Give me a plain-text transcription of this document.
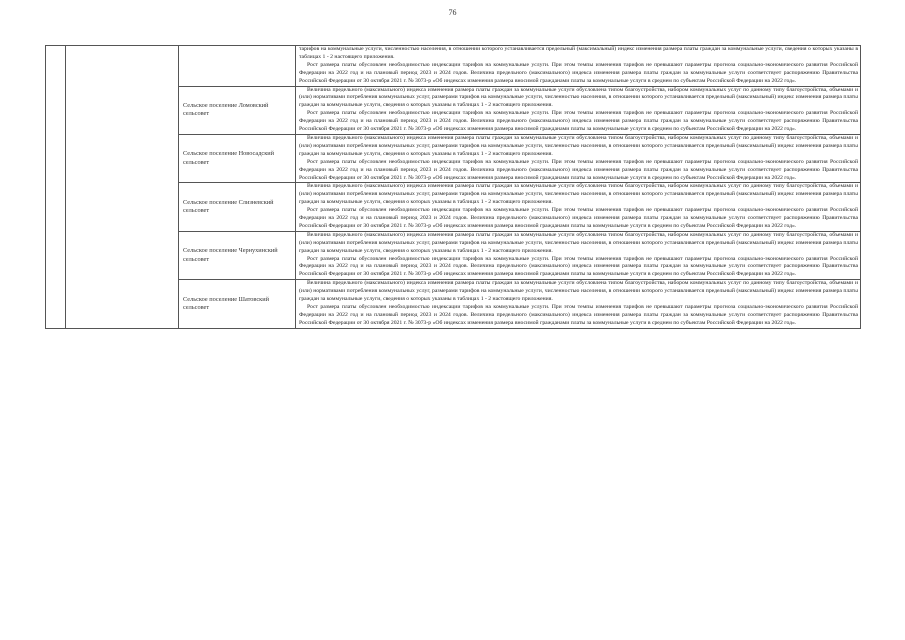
76

			тарифов на коммунальные услуги, численностью населения, в отношении которого устанавливается предельный (максимальный) индекс изменения размера платы граждан за коммунальные услуги, сведения о которых указаны в таблицах 1 - 2 настоящего приложения.

Рост размера платы обусловлен необходимостью индексации тарифов на коммунальные услуги. При этом темпы изменения тарифов не превышают параметры прогноза социально-экономического развития Российской Федерации на 2022 год и на плановый период 2023 и 2024 годов. Величина предельного (максимального) индекса изменения размера платы граждан за коммунальные услуги соответствует распоряжению Правительства Российской Федерации от 30 октября 2021 г. № 3073-р «Об индексах изменения размера вносимой гражданами платы за коммунальные услуги в среднем по субъектам Российской Федерации на 2022 год».

		Сельское поселение Ломовский сельсовет	Величина предельного (максимального) индекса изменения размера платы граждан за коммунальные услуги обусловлена типом благоустройства, набором коммунальных услуг по данному типу благоустройства, объемами и (или) нормативами потребления коммунальных услуг, размерами тарифов на коммунальные услуги, численностью населения, в отношении которого устанавливается предельный (максимальный) индекс изменения размера платы граждан за коммунальные услуги, сведения о которых указаны в таблицах 1 - 2 настоящего приложения.

Рост размера платы обусловлен необходимостью индексации тарифов на коммунальные услуги. При этом темпы изменения тарифов не превышают параметры прогноза социально-экономического развития Российской Федерации на 2022 год и на плановый период 2023 и 2024 годов. Величина предельного (максимального) индекса изменения размера платы граждан за коммунальные услуги соответствует распоряжению Правительства Российской Федерации от 30 октября 2021 г. № 3073-р «Об индексах изменения размера вносимой гражданами платы за коммунальные услуги в среднем по субъектам Российской Федерации на 2022 год».

		Сельское поселение Новосадский сельсовет	Величина предельного (максимального) индекса изменения размера платы граждан за коммунальные услуги обусловлена типом благоустройства, набором коммунальных услуг по данному типу благоустройства, объемами и (или) нормативами потребления коммунальных услуг, размерами тарифов на коммунальные услуги, численностью населения, в отношении которого устанавливается предельный (максимальный) индекс изменения размера платы граждан за коммунальные услуги, сведения о которых указаны в таблицах 1 - 2 настоящего приложения.

Рост размера платы обусловлен необходимостью индексации тарифов на коммунальные услуги. При этом темпы изменения тарифов не превышают параметры прогноза социально-экономического развития Российской Федерации на 2022 год и на плановый период 2023 и 2024 годов. Величина предельного (максимального) индекса изменения размера платы граждан за коммунальные услуги соответствует распоряжению Правительства Российской Федерации от 30 октября 2021 г. № 3073-р «Об индексах изменения размера вносимой гражданами платы за коммунальные услуги в среднем по субъектам Российской Федерации на 2022 год».

		Сельское поселение Слизневский сельсовет	Величина предельного (максимального) индекса изменения размера платы граждан за коммунальные услуги обусловлена типом благоустройства, набором коммунальных услуг по данному типу благоустройства, объемами и (или) нормативами потребления коммунальных услуг, размерами тарифов на коммунальные услуги, численностью населения, в отношении которого устанавливается предельный (максимальный) индекс изменения размера платы граждан за коммунальные услуги, сведения о которых указаны в таблицах 1 - 2 настоящего приложения.

Рост размера платы обусловлен необходимостью индексации тарифов на коммунальные услуги. При этом темпы изменения тарифов не превышают параметры прогноза социально-экономического развития Российской Федерации на 2022 год и на плановый период 2023 и 2024 годов. Величина предельного (максимального) индекса изменения размера платы граждан за коммунальные услуги соответствует распоряжению Правительства Российской Федерации от 30 октября 2021 г. № 3073-р «Об индексах изменения размера вносимой гражданами платы за коммунальные услуги в среднем по субъектам Российской Федерации на 2022 год».

		Сельское поселение Чернухинский сельсовет	Величина предельного (максимального) индекса изменения размера платы граждан за коммунальные услуги обусловлена типом благоустройства, набором коммунальных услуг по данному типу благоустройства, объемами и (или) нормативами потребления коммунальных услуг, размерами тарифов на коммунальные услуги, численностью населения, в отношении которого устанавливается предельный (максимальный) индекс изменения размера платы граждан за коммунальные услуги, сведения о которых указаны в таблицах 1 - 2 настоящего приложения.

Рост размера платы обусловлен необходимостью индексации тарифов на коммунальные услуги. При этом темпы изменения тарифов не превышают параметры прогноза социально-экономического развития Российской Федерации на 2022 год и на плановый период 2023 и 2024 годов. Величина предельного (максимального) индекса изменения размера платы граждан за коммунальные услуги соответствует распоряжению Правительства Российской Федерации от 30 октября 2021 г. № 3073-р «Об индексах изменения размера вносимой гражданами платы за коммунальные услуги в среднем по субъектам Российской Федерации на 2022 год».

		Сельское поселение Шатовский сельсовет	Величина предельного (максимального) индекса изменения размера платы граждан за коммунальные услуги обусловлена типом благоустройства, набором коммунальных услуг по данному типу благоустройства, объемами и (или) нормативами потребления коммунальных услуг, размерами тарифов на коммунальные услуги, численностью населения, в отношении которого устанавливается предельный (максимальный) индекс изменения размера платы граждан за коммунальные услуги, сведения о которых указаны в таблицах 1 - 2 настоящего приложения.

Рост размера платы обусловлен необходимостью индексации тарифов на коммунальные услуги. При этом темпы изменения тарифов не превышают параметры прогноза социально-экономического развития Российской Федерации на 2022 год и на плановый период 2023 и 2024 годов. Величина предельного (максимального) индекса изменения размера платы граждан за коммунальные услуги соответствует распоряжению Правительства Российской Федерации от 30 октября 2021 г. № 3073-р «Об индексах изменения размера вносимой гражданами платы за коммунальные услуги в среднем по субъектам Российской Федерации на 2022 год».
